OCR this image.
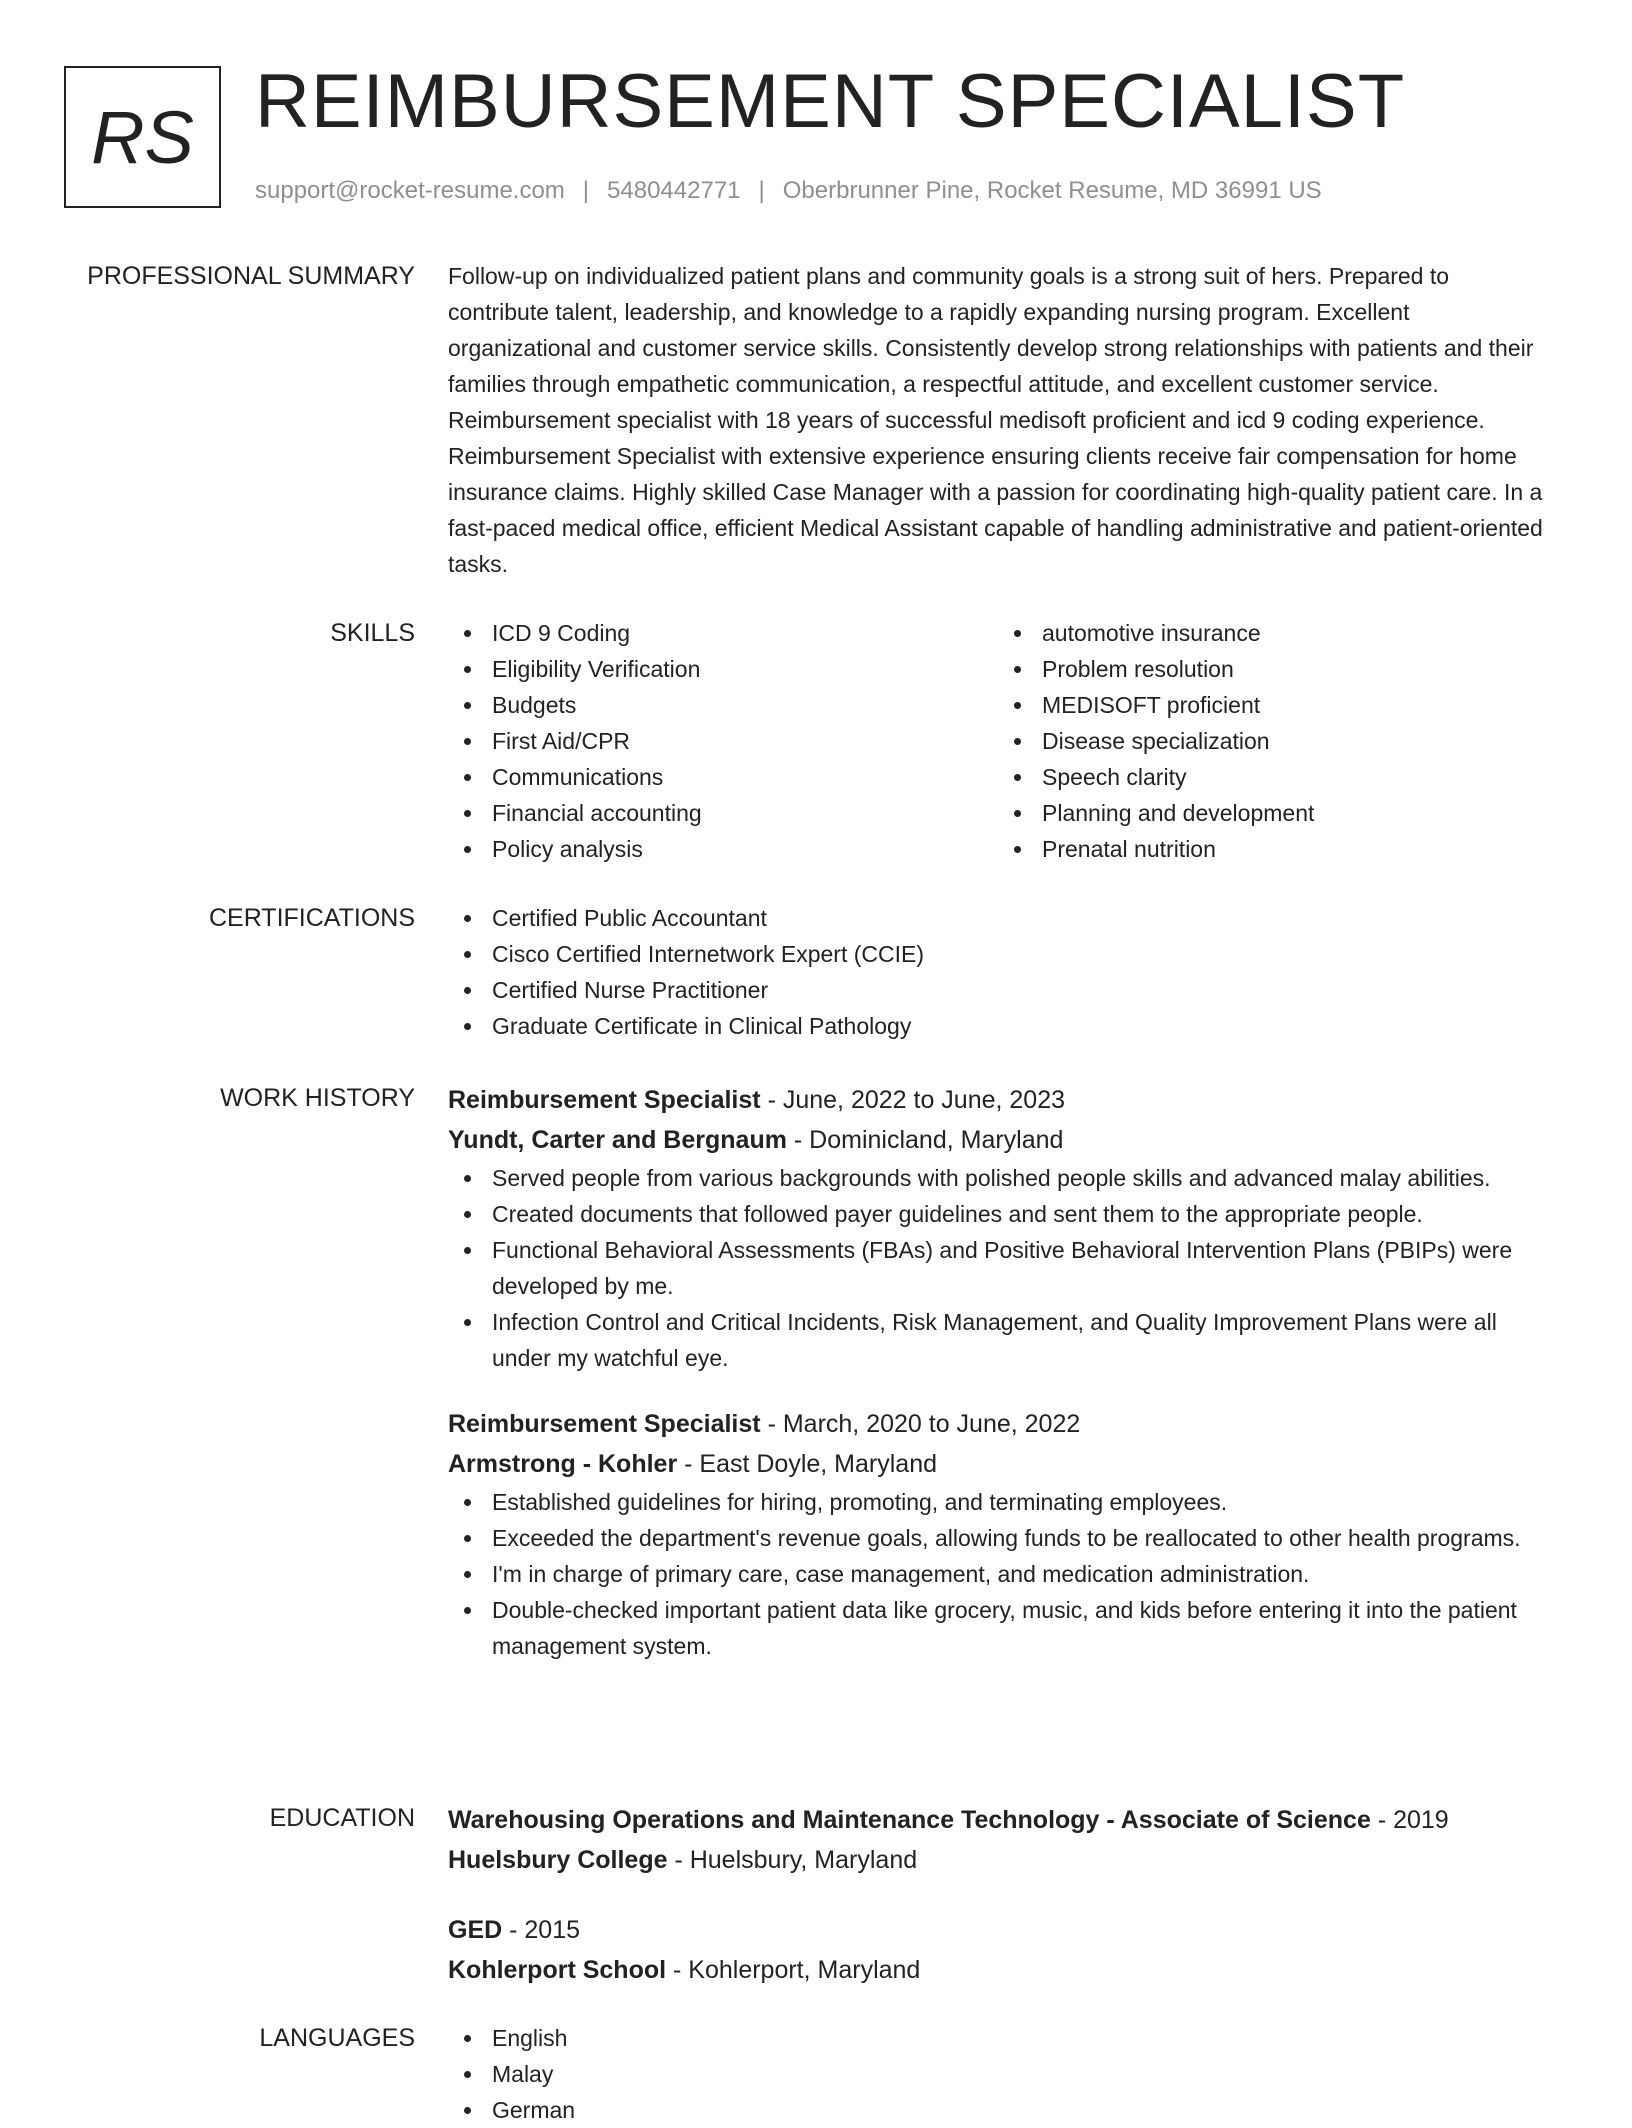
RS REIMBURSEMENT SPECIALIST
support@rocket-resume.com | 5480442771 | Oberbrunner Pine, Rocket Resume, MD 36991 US
PROFESSIONAL SUMMARY Follow-up on individualized patient plans and community goals is a strong suit of hers. Prepared to contribute talent, leadership, and knowledge to a rapidly expanding nursing program. Excellent organizational and customer service skills. Consistently develop strong relationships with patients and their families through empathetic communication, a respectful attitude, and excellent customer service. Reimbursement specialist with 18 years of successful medisoft proficient and icd 9 coding experience. Reimbursement Specialist with extensive experience ensuring clients receive fair compensation for home insurance claims. Highly skilled Case Manager with a passion for coordinating high-quality patient care. In a fast-paced medical office, efficient Medical Assistant capable of handling administrative and patient-oriented tasks.

SKILLS	ICD 9 Coding
Eligibility Verification
Budgets
First Aid/CPR
Communications
Financial accounting
Policy analysis
automotive insurance
Problem resolution
MEDISOFT proficient
Disease specialization
Speech clarity
Planning and development
Prenatal nutrition
CERTIFICATIONS	Certified Public Accountant
Cisco Certified Internetwork Expert (CCIE)
Certified Nurse Practitioner
Graduate Certificate in Clinical Pathology
WORK HISTORY Reimbursement Specialist - June, 2022 to June, 2023
Yundt, Carter and Bergnaum - Dominicland, Maryland
Served people from various backgrounds with polished people skills and advanced malay abilities.
Created documents that followed payer guidelines and sent them to the appropriate people.
Functional Behavioral Assessments (FBAs) and Positive Behavioral Intervention Plans (PBIPs) were developed by me.
Infection Control and Critical Incidents, Risk Management, and Quality Improvement Plans were all under my watchful eye.
Reimbursement Specialist - March, 2020 to June, 2022
Armstrong - Kohler - East Doyle, Maryland
Established guidelines for hiring, promoting, and terminating employees.
Exceeded the department's revenue goals, allowing funds to be reallocated to other health programs.
I'm in charge of primary care, case management, and medication administration.
Double-checked important patient data like grocery, music, and kids before entering it into the patient management system.
EDUCATION Warehousing Operations and Maintenance Technology - Associate of Science - 2019
Huelsbury College - Huelsbury, Maryland
GED - 2015
Kohlerport School - Kohlerport, Maryland
LANGUAGES	English
Malay
German
